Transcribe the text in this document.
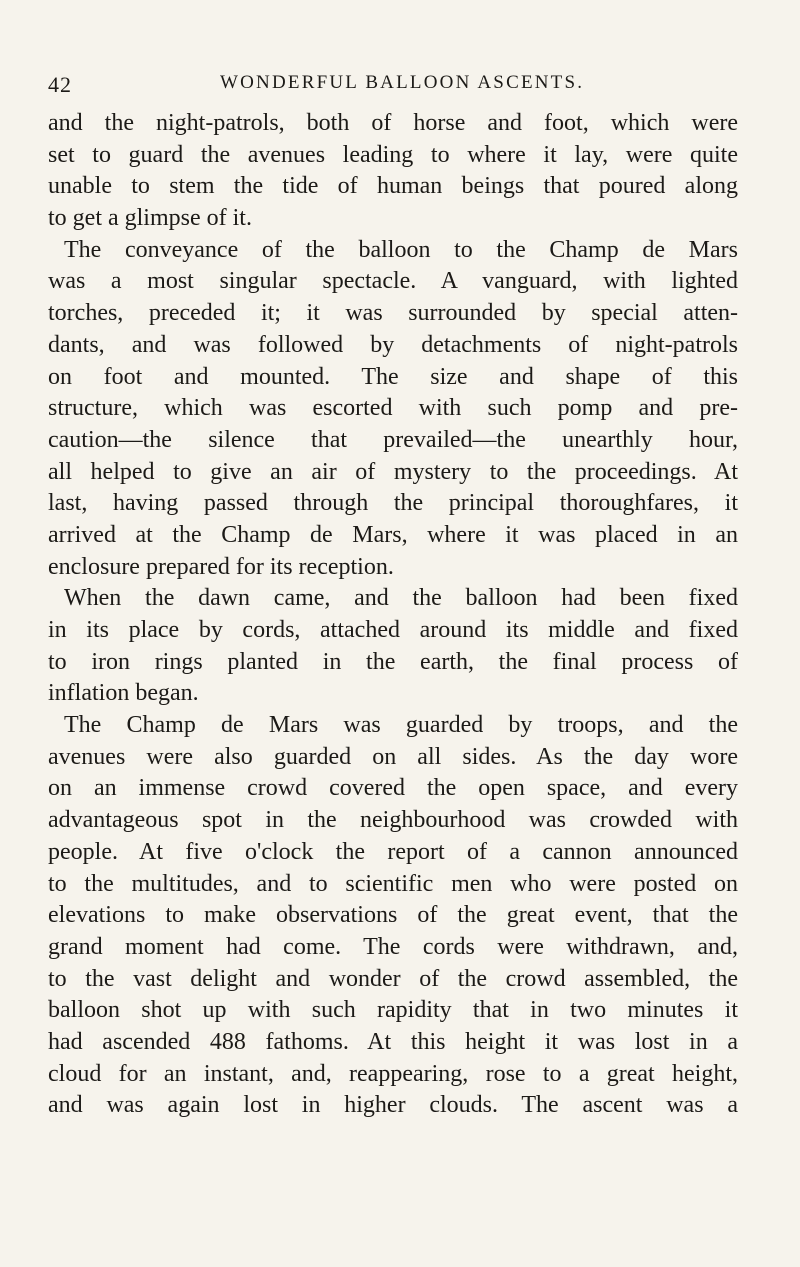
42	WONDERFUL BALLOON ASCENTS.
and the night-patrols, both of horse and foot, which were
set to guard the avenues leading to where it lay, were quite
unable to stem the tide of human beings that poured along
to get a glimpse of it.
The conveyance of the balloon to the Champ de Mars
was a most singular spectacle. A vanguard, with lighted
torches, preceded it; it was surrounded by special atten-
dants, and was followed by detachments of night-patrols
on foot and mounted. The size and shape of this
structure, which was escorted with such pomp and pre-
caution—the silence that prevailed—the unearthly hour,
all helped to give an air of mystery to the proceedings. At
last, having passed through the principal thoroughfares, it
arrived at the Champ de Mars, where it was placed in an
enclosure prepared for its reception.
When the dawn came, and the balloon had been fixed
in its place by cords, attached around its middle and fixed
to iron rings planted in the earth, the final process of
inflation began.
The Champ de Mars was guarded by troops, and the
avenues were also guarded on all sides. As the day wore
on an immense crowd covered the open space, and every
advantageous spot in the neighbourhood was crowded with
people. At five o'clock the report of a cannon announced
to the multitudes, and to scientific men who were posted on
elevations to make observations of the great event, that the
grand moment had come. The cords were withdrawn, and,
to the vast delight and wonder of the crowd assembled, the
balloon shot up with such rapidity that in two minutes it
had ascended 488 fathoms. At this height it was lost in a
cloud for an instant, and, reappearing, rose to a great height,
and was again lost in higher clouds. The ascent was a
